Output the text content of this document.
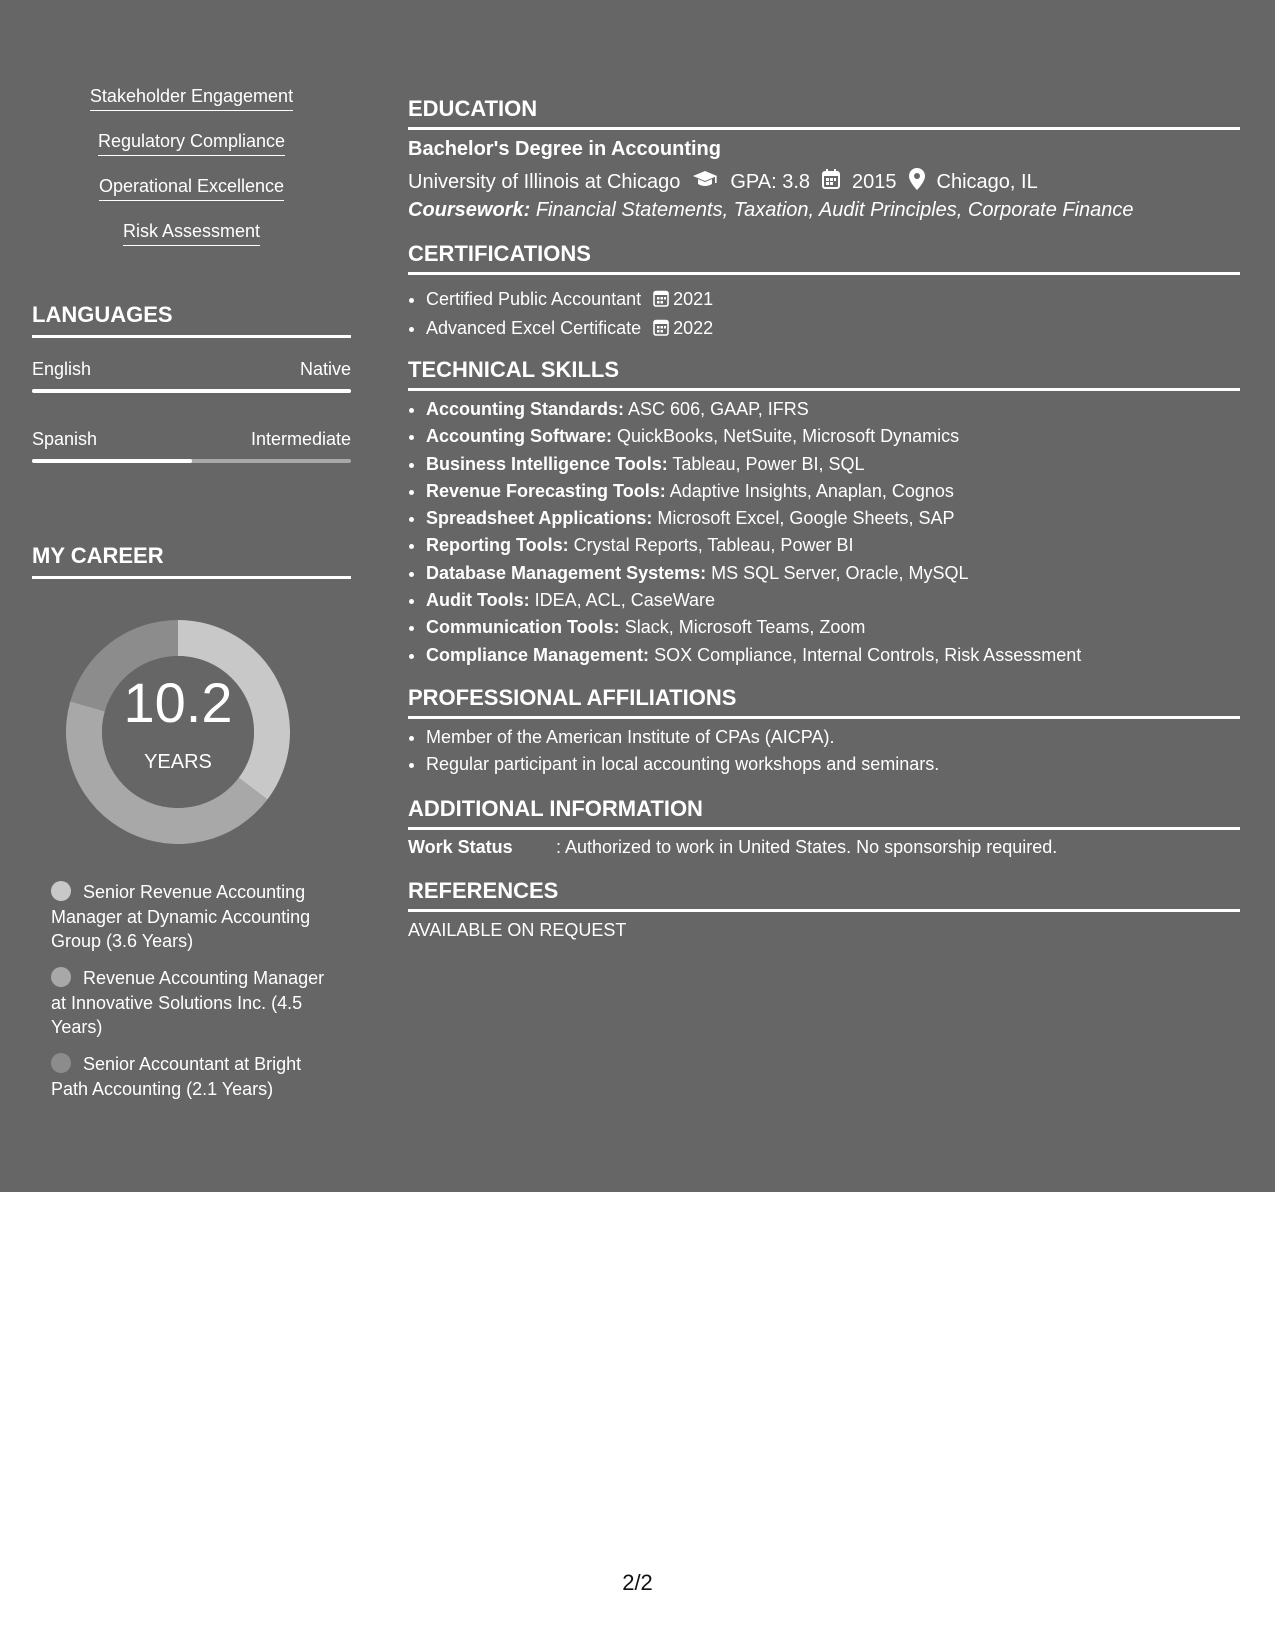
Stakeholder Engagement
Regulatory Compliance
Operational Excellence
Risk Assessment
LANGUAGES
English	Native
Spanish	Intermediate
MY CAREER
10.2
YEARS
Senior Revenue Accounting Manager at Dynamic Accounting Group (3.6 Years)
Revenue Accounting Manager at Innovative Solutions Inc. (4.5 Years)
Senior Accountant at Bright Path Accounting (2.1 Years)
EDUCATION
Bachelor's Degree in Accounting
University of Illinois at Chicago	GPA: 3.8 2015 Chicago, IL
Coursework: Financial Statements, Taxation, Audit Principles, Corporate Finance
CERTIFICATIONS
• Certified Public Accountant 2021
• Advanced Excel Certificate 2022
TECHNICAL SKILLS
• Accounting Standards: ASC 606, GAAP, IFRS
• Accounting Software: QuickBooks, NetSuite, Microsoft Dynamics
• Business Intelligence Tools: Tableau, Power BI, SQL
• Revenue Forecasting Tools: Adaptive Insights, Anaplan, Cognos
• Spreadsheet Applications: Microsoft Excel, Google Sheets, SAP
• Reporting Tools: Crystal Reports, Tableau, Power BI
• Database Management Systems: MS SQL Server, Oracle, MySQL
• Audit Tools: IDEA, ACL, CaseWare
• Communication Tools: Slack, Microsoft Teams, Zoom
• Compliance Management: SOX Compliance, Internal Controls, Risk Assessment
PROFESSIONAL AFFILIATIONS
• Member of the American Institute of CPAs (AICPA).
• Regular participant in local accounting workshops and seminars.
ADDITIONAL INFORMATION
Work Status : Authorized to work in United States. No sponsorship required.
REFERENCES
AVAILABLE ON REQUEST
2/2
